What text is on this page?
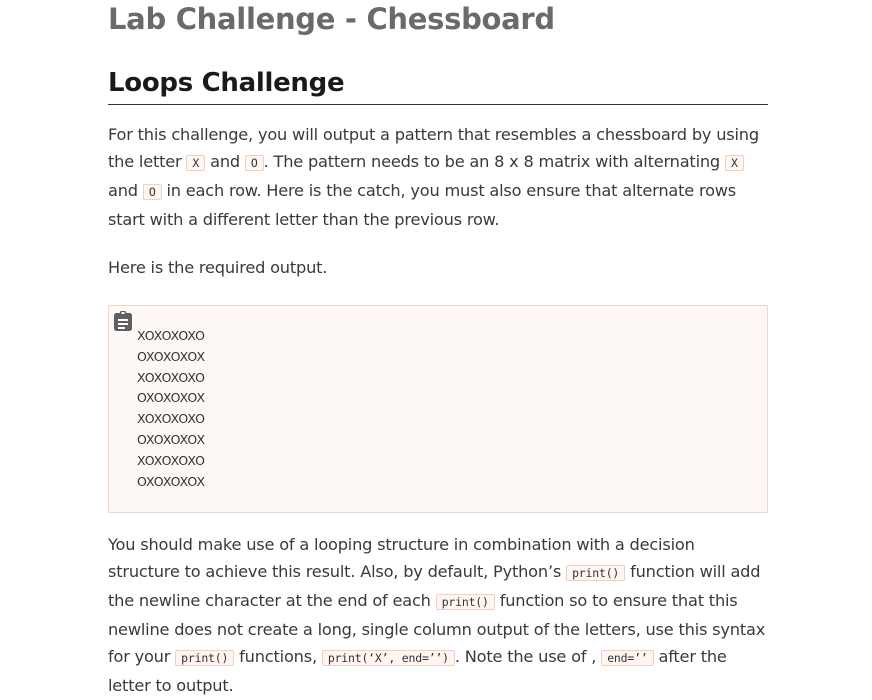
Lab Challenge - Chessboard
Loops Challenge

For this challenge, you will output a pattern that resembles a chessboard by using the letter X and O . The pattern needs to be an 8 x 8 matrix with alternating X and O in each row. Here is the catch, you must also ensure that alternate rows start with a different letter than the previous row.

Here is the required output.

XOXOXOXO
OXOXOXOX
XOXOXOXO
OXOXOXOX
XOXOXOXO
OXOXOXOX
XOXOXOXO
OXOXOXOX

You should make use of a looping structure in combination with a decision structure to achieve this result. Also, by default, Python’s print() function will add the newline character at the end of each print() function so to ensure that this newline does not create a long, single column output of the letters, use this syntax for your print() functions, print(‘X’, end=’’) . Note the use of , end=’’ after the letter to output.
